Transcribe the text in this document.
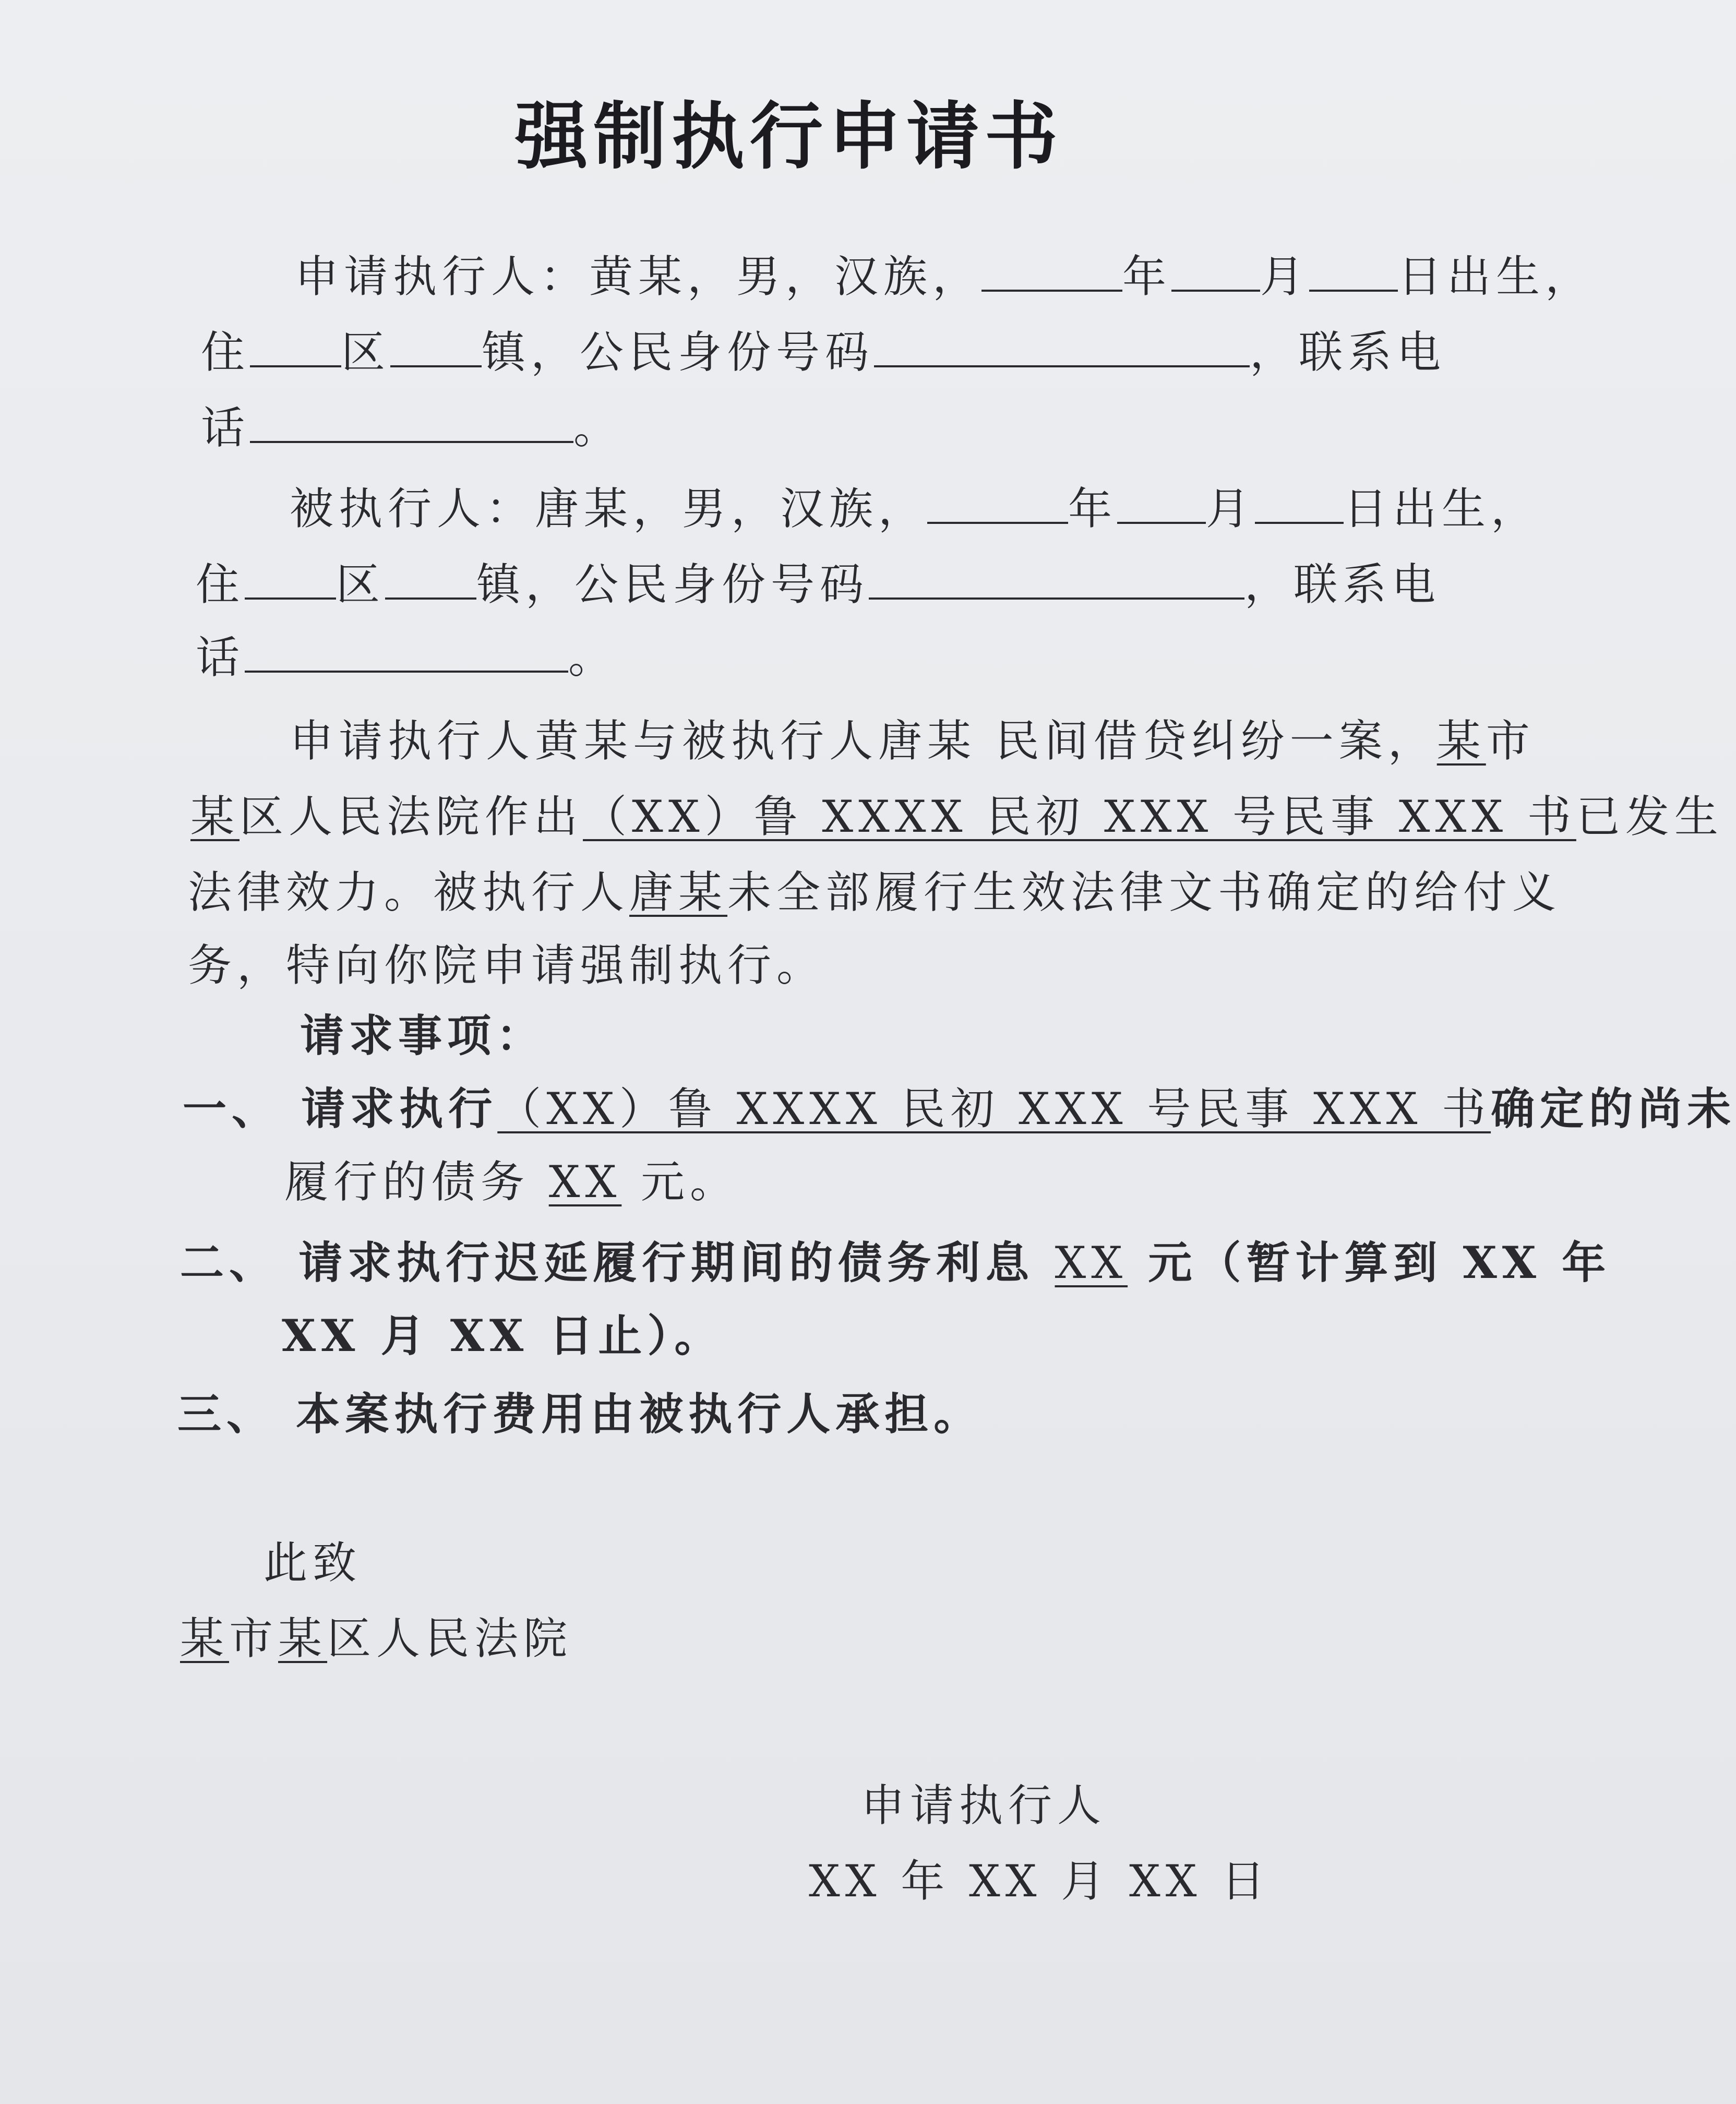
强制执行申请书
申请执行人：黄某，男，汉族，	年 月 日出生，
住 区 镇，公民身份号码	，联系电
话	。
被执行人：唐某，男，汉族，	年 月 日出生，
住 区 镇，公民身份号码	，联系电
话	。
申请执行人黄某与被执行人唐某 民间借贷纠纷一案，某市
某区人民法院作出（XX）鲁 XXXX 民初 XXX 号民事 XXX 书已发生
法律效力。被执行人唐某未全部履行生效法律文书确定的给付义
务，特向你院申请强制执行。
请求事项：
一、 请求执行（XX）鲁 XXXX 民初 XXX 号民事 XXX 书确定的尚未
履行的债务 XX 元。
二、 请求执行迟延履行期间的债务利息 XX 元（暂计算到 XX 年
XX 月 XX 日止）。
三、 本案执行费用由被执行人承担。
此致
某市某区人民法院
申请执行人
XX 年 XX 月 XX 日
